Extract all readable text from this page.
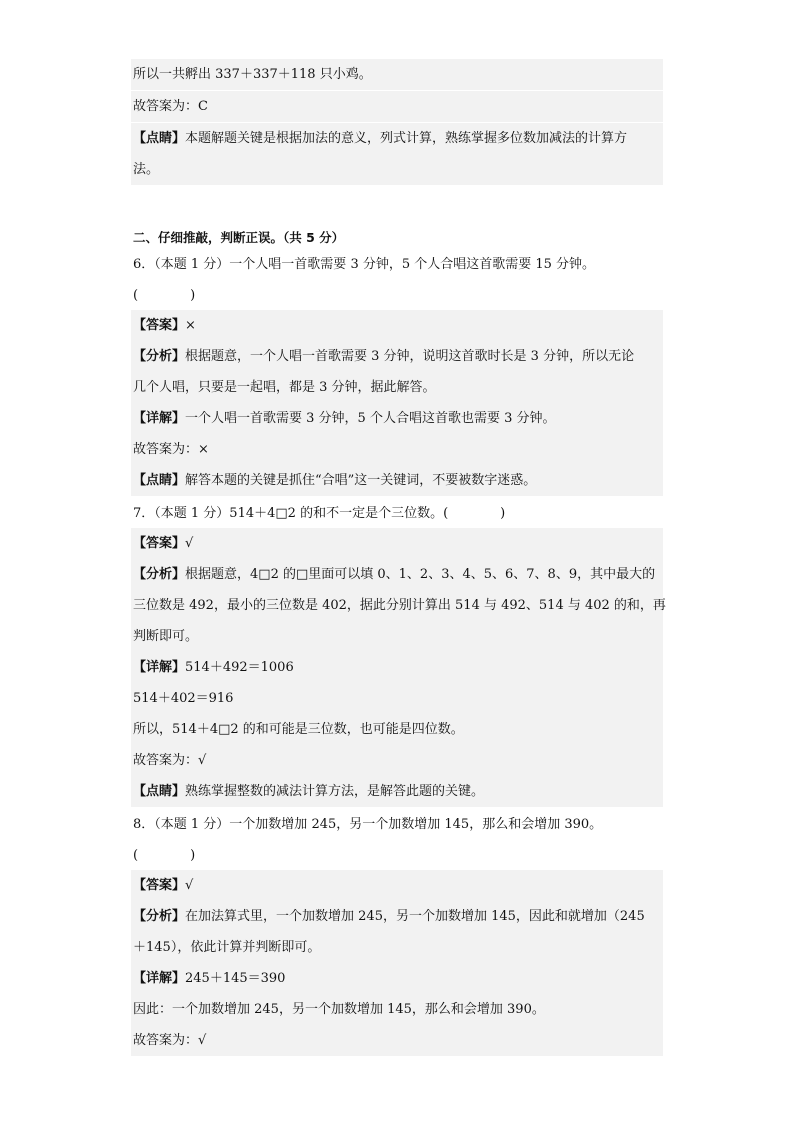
所以一共孵出 337＋337＋118 只小鸡。
故答案为：C
【点睛】本题解题关键是根据加法的意义，列式计算，熟练掌握多位数加减法的计算方
法。
二、仔细推敲，判断正误。（共 5 分）
6．（本题 1 分）一个人唱一首歌需要 3 分钟，5 个人合唱这首歌需要 15 分钟。
(　　　　)
【答案】×
【分析】根据题意，一个人唱一首歌需要 3 分钟，说明这首歌时长是 3 分钟，所以无论
几个人唱，只要是一起唱，都是 3 分钟，据此解答。
【详解】一个人唱一首歌需要 3 分钟，5 个人合唱这首歌也需要 3 分钟。
故答案为：×
【点睛】解答本题的关键是抓住“合唱”这一关键词，不要被数字迷惑。
7．（本题 1 分）514＋4□2 的和不一定是个三位数。(　　　　)
【答案】√
【分析】根据题意，4□2 的□里面可以填 0、1、2、3、4、5、6、7、8、9，其中最大的
三位数是 492，最小的三位数是 402，据此分别计算出 514 与 492、514 与 402 的和，再
判断即可。
【详解】514＋492＝1006
514＋402＝916
所以，514＋4□2 的和可能是三位数，也可能是四位数。
故答案为：√
【点睛】熟练掌握整数的减法计算方法，是解答此题的关键。
8．（本题 1 分）一个加数增加 245，另一个加数增加 145，那么和会增加 390。
(　　　　)
【答案】√
【分析】在加法算式里，一个加数增加 245，另一个加数增加 145，因此和就增加（245
＋145），依此计算并判断即可。
【详解】245＋145＝390
因此：一个加数增加 245，另一个加数增加 145，那么和会增加 390。
故答案为：√
